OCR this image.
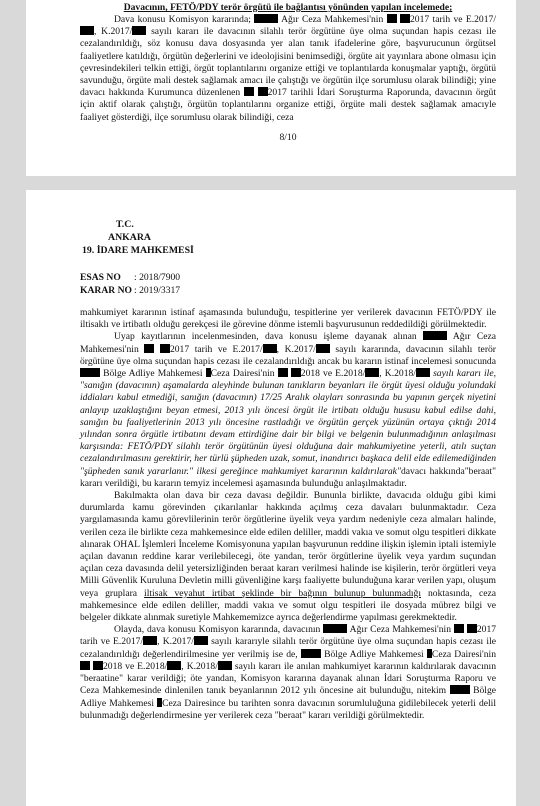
Davacının, FETÖ/PDY terör örgütü ile bağlantısı yönünden yapılan incelemede;

Dava konusu Komisyon kararında;	Ağır Ceza Mahkemesi'nin	2017 tarih ve E.2017/, K.2017/ sayılı kararı ile davacının silahlı terör örgütüne üye olma suçundan hapis cezası ile cezalandırıldığı, söz konusu dava dosyasında yer alan tanık ifadelerine göre, başvurucunun örgütsel faaliyetlere katıldığı, örgütün değerlerini ve ideolojisini benimsediği, örgüte ait yayınlara abone olmasıı için çevresindekileri telkin ettiği, örgüt toplantılarını organize ettiği ve toplantılarda konuşmalar yaptığı, örgütü savunduğu, örgüte mali destek sağlamak amacı ile çalıştığı ve örgütün ilçe sorumlusu olarak bilindiği; yine davacı hakkında Kurumunca düzenlenen	2017 tarihli İdari Soruşturma Raporunda, davacının örgüt için aktif olarak çalıştığı, örgütün toplantılarını organize ettiği, örgüte mali destek sağlamak amacıyle faaliyet gösterdiği, ilçe sorumlusu olarak bilindiği, ceza

8/10
T.C.
ANKARA
19. İDARE MAHKEMESİ
ESAS NO : 2018/7900
KARAR NO : 2019/3317

mahkumiyet kararının istinaf aşamasında bulunduğu, tespitlerine yer verilerek davacının FETÖ/PDY ile iltisaklı ve irtibatlı olduğu gerekçesi ile görevine dönme istemli başvurusunun reddedildiği görülmektedir.

Uyap kayıtlarının incelenmesinden, dava konusu işleme dayanak alınan	Ağır Ceza Mahkemesi'nin	2017 tarih ve E.2017/ , K.2017/ sayılı kararında, davacının silahlı terör örgütüne üye olma suçundan hapis cezası ile cezalandırıldığı ancak bu kararın istinaf incelemesi sonucunda  Bölge Adliye Mahkemesi Ceza Dairesi'nin	2018 ve E.2018/ , K.2018/ sayılı kararı ile, "sanığın (davacının) aşamalarda aleyhinde bulunan tanıkların beyanları ile örgüt üyesi olduğu yolundaki iddiaları kabul etmediği, sanığın (davacının) 17/25 Aralık olayları sonrasında bu yapının gerçek niyetini anlayıp uzaklaştığını beyan etmesi, 2013 yılı öncesi örgüt ile irtibatı olduğu hususu kabul edilse dahi, sanığın bu faaliyetlerinin 2013 yılı öncesine rastladığı ve örgütün gerçek yüzünün ortaya çıktığı 2014 yılından sonra örgütle irtibatını devam ettirdiğine dair bir bilgi ve belgenin bulunmadığının anlaşılması karşısında: FETÖ/PDY silahlı terör örgütünün üyesi olduğuna dair mahkumiyetine yeterli, atılı suçtan cezalandırılmasını gerektirir, her türlü şüpheden uzak, somut, inandırıcı başkaca delil elde edilemediğinden "şüpheden sanık yararlanır." ilkesi gereğince mahkumiyet kararının kaldırılarak"davacı hakkında"beraat" kararı verildiği, bu kararın temyiz incelemesi aşamasında bulunduğu anlaşılmaktadır.

Bakılmakta olan dava bir ceza davası değildir. Bununla birlikte, davacıda olduğu gibi kimi durumlarda kamu görevinden çıkarılanlar hakkında açılmış ceza davaları bulunmaktadır. Ceza yargılamasında kamu görevlilerinin terör örgütlerine üyelik veya yardım nedeniyle ceza almaları halinde, verilen ceza ile birlikte ceza mahkemesince elde edilen deliller, maddi vakıa ve somut olgu tespitleri dikkate alınarak OHAL İşlemleri İnceleme Komisyonuna yapılan başvurunun reddine ilişkin işlemin iptali istemiyle açılan davanın reddine karar verilebilecegi, öte yandan, terör örgütlerine üyelik veya yardım suçundan açılan ceza davasında delil yetersizliğinden beraat kararı verilmesi halinde ise kişilerin, terör örgütleri veya Milli Güvenlik Kuruluna Devletin milli güvenliğine karşı faaliyette bulunduğuna karar verilen yapı, oluşum veya gruplara iltisak veyahut irtibat şeklinde bir bağının bulunup bulunmadığı noktasında, ceza mahkemesince elde edilen deliller, maddi vakıa ve somut olgu tespitleri ile dosyada mübrez bilgi ve belgeler dikkate alınmak suretiyle Mahkememizce ayrıca değerlendirme yapılması gerekmektedir.

Olayda, dava konusu Komisyon kararında, davacının	Ağır Ceza Mahkemesi'nin	2017 tarih ve E.2017/ , K.2017/ sayılı kararıyle silahlı terör örgütüne üye olma suçundan hapis cezası ile cezalandırıldığı değerlendirilmesine yer verilmiş ise de,	Bölge Adliye Mahkemesi Ceza Dairesi'nin  2018 ve E.2018/ , K.2018/ sayılı kararı ile anılan mahkumiyet kararının kaldırılarak davacının "beraatine" karar verildiği; öte yandan, Komisyon kararına dayanak alınan İdari Soruşturma Raporu ve Ceza Mahkemesinde dinlenilen tanık beyanlarının 2012 yılı öncesine ait bulunduğu, nitekim	Bölge Adliye Mahkemesi Ceza Dairesince bu tarihten sonra davacının sorumluluğuna gidilebilecek yeterli delil bulunmadığı değerlendirmesine yer verilerek ceza "beraat" kararı verildiği görülmektedir.
